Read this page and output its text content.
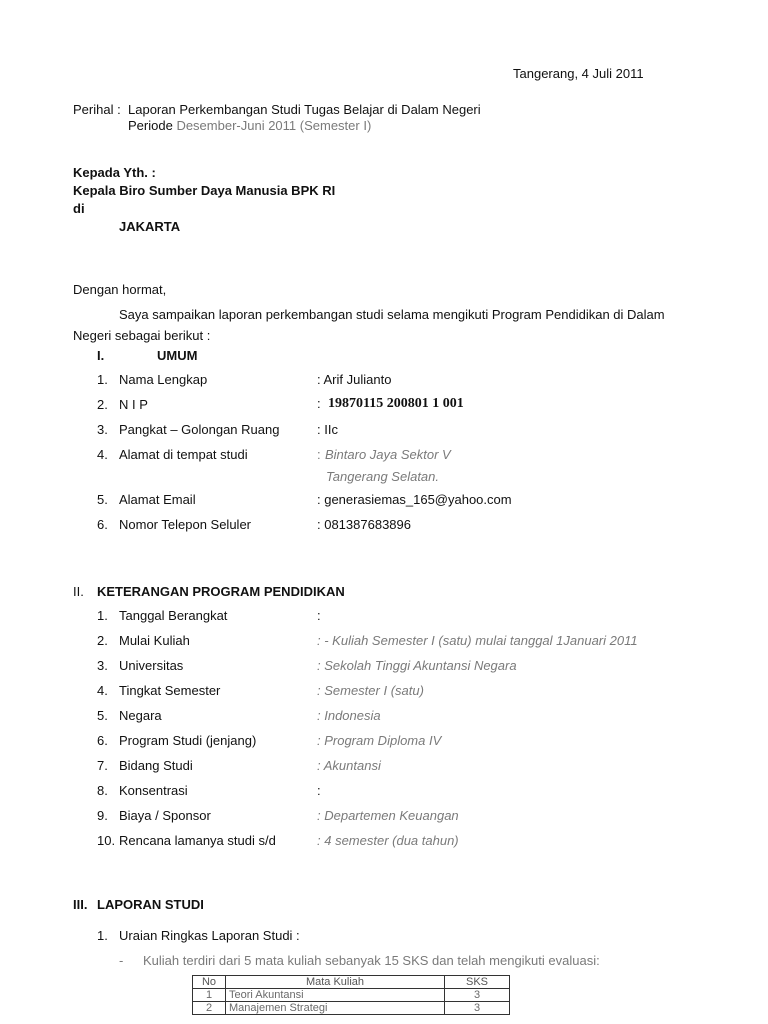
Tangerang, 4 Juli 2011
Perihal : Laporan Perkembangan Studi Tugas Belajar di Dalam Negeri
Periode Desember-Juni 2011 (Semester I)
Kepada Yth. :
Kepala Biro Sumber Daya Manusia BPK RI
di
JAKARTA
Dengan hormat,
Saya sampaikan laporan perkembangan studi selama mengikuti Program Pendidikan di Dalam
Negeri sebagai berikut :
I.	UMUM
1. Nama Lengkap	: Arif Julianto
2. N I P	: 19870115 200801 1 001
3. Pangkat – Golongan Ruang	: IIc
4. Alamat di tempat studi	: Bintaro Jaya Sektor V
Tangerang Selatan.
5. Alamat Email	: generasiemas_165@yahoo.com
6. Nomor Telepon Seluler	: 081387683896
II. KETERANGAN PROGRAM PENDIDIKAN
1. Tanggal Berangkat	:
2. Mulai Kuliah	: - Kuliah Semester I (satu) mulai tanggal 1Januari 2011
3. Universitas	: Sekolah Tinggi Akuntansi Negara
4. Tingkat Semester	: Semester I (satu)
5. Negara	: Indonesia
6. Program Studi (jenjang)	: Program Diploma IV
7. Bidang Studi	: Akuntansi
8. Konsentrasi	:
9. Biaya / Sponsor	: Departemen Keuangan
10. Rencana lamanya studi s/d	: 4 semester (dua tahun)
III. LAPORAN STUDI
1. Uraian Ringkas Laporan Studi :
- Kuliah terdiri dari 5 mata kuliah sebanyak 15 SKS dan telah mengikuti evaluasi:
No	Mata Kuliah	SKS
1	Teori Akuntansi	3
2	Manajemen Strategi	3
